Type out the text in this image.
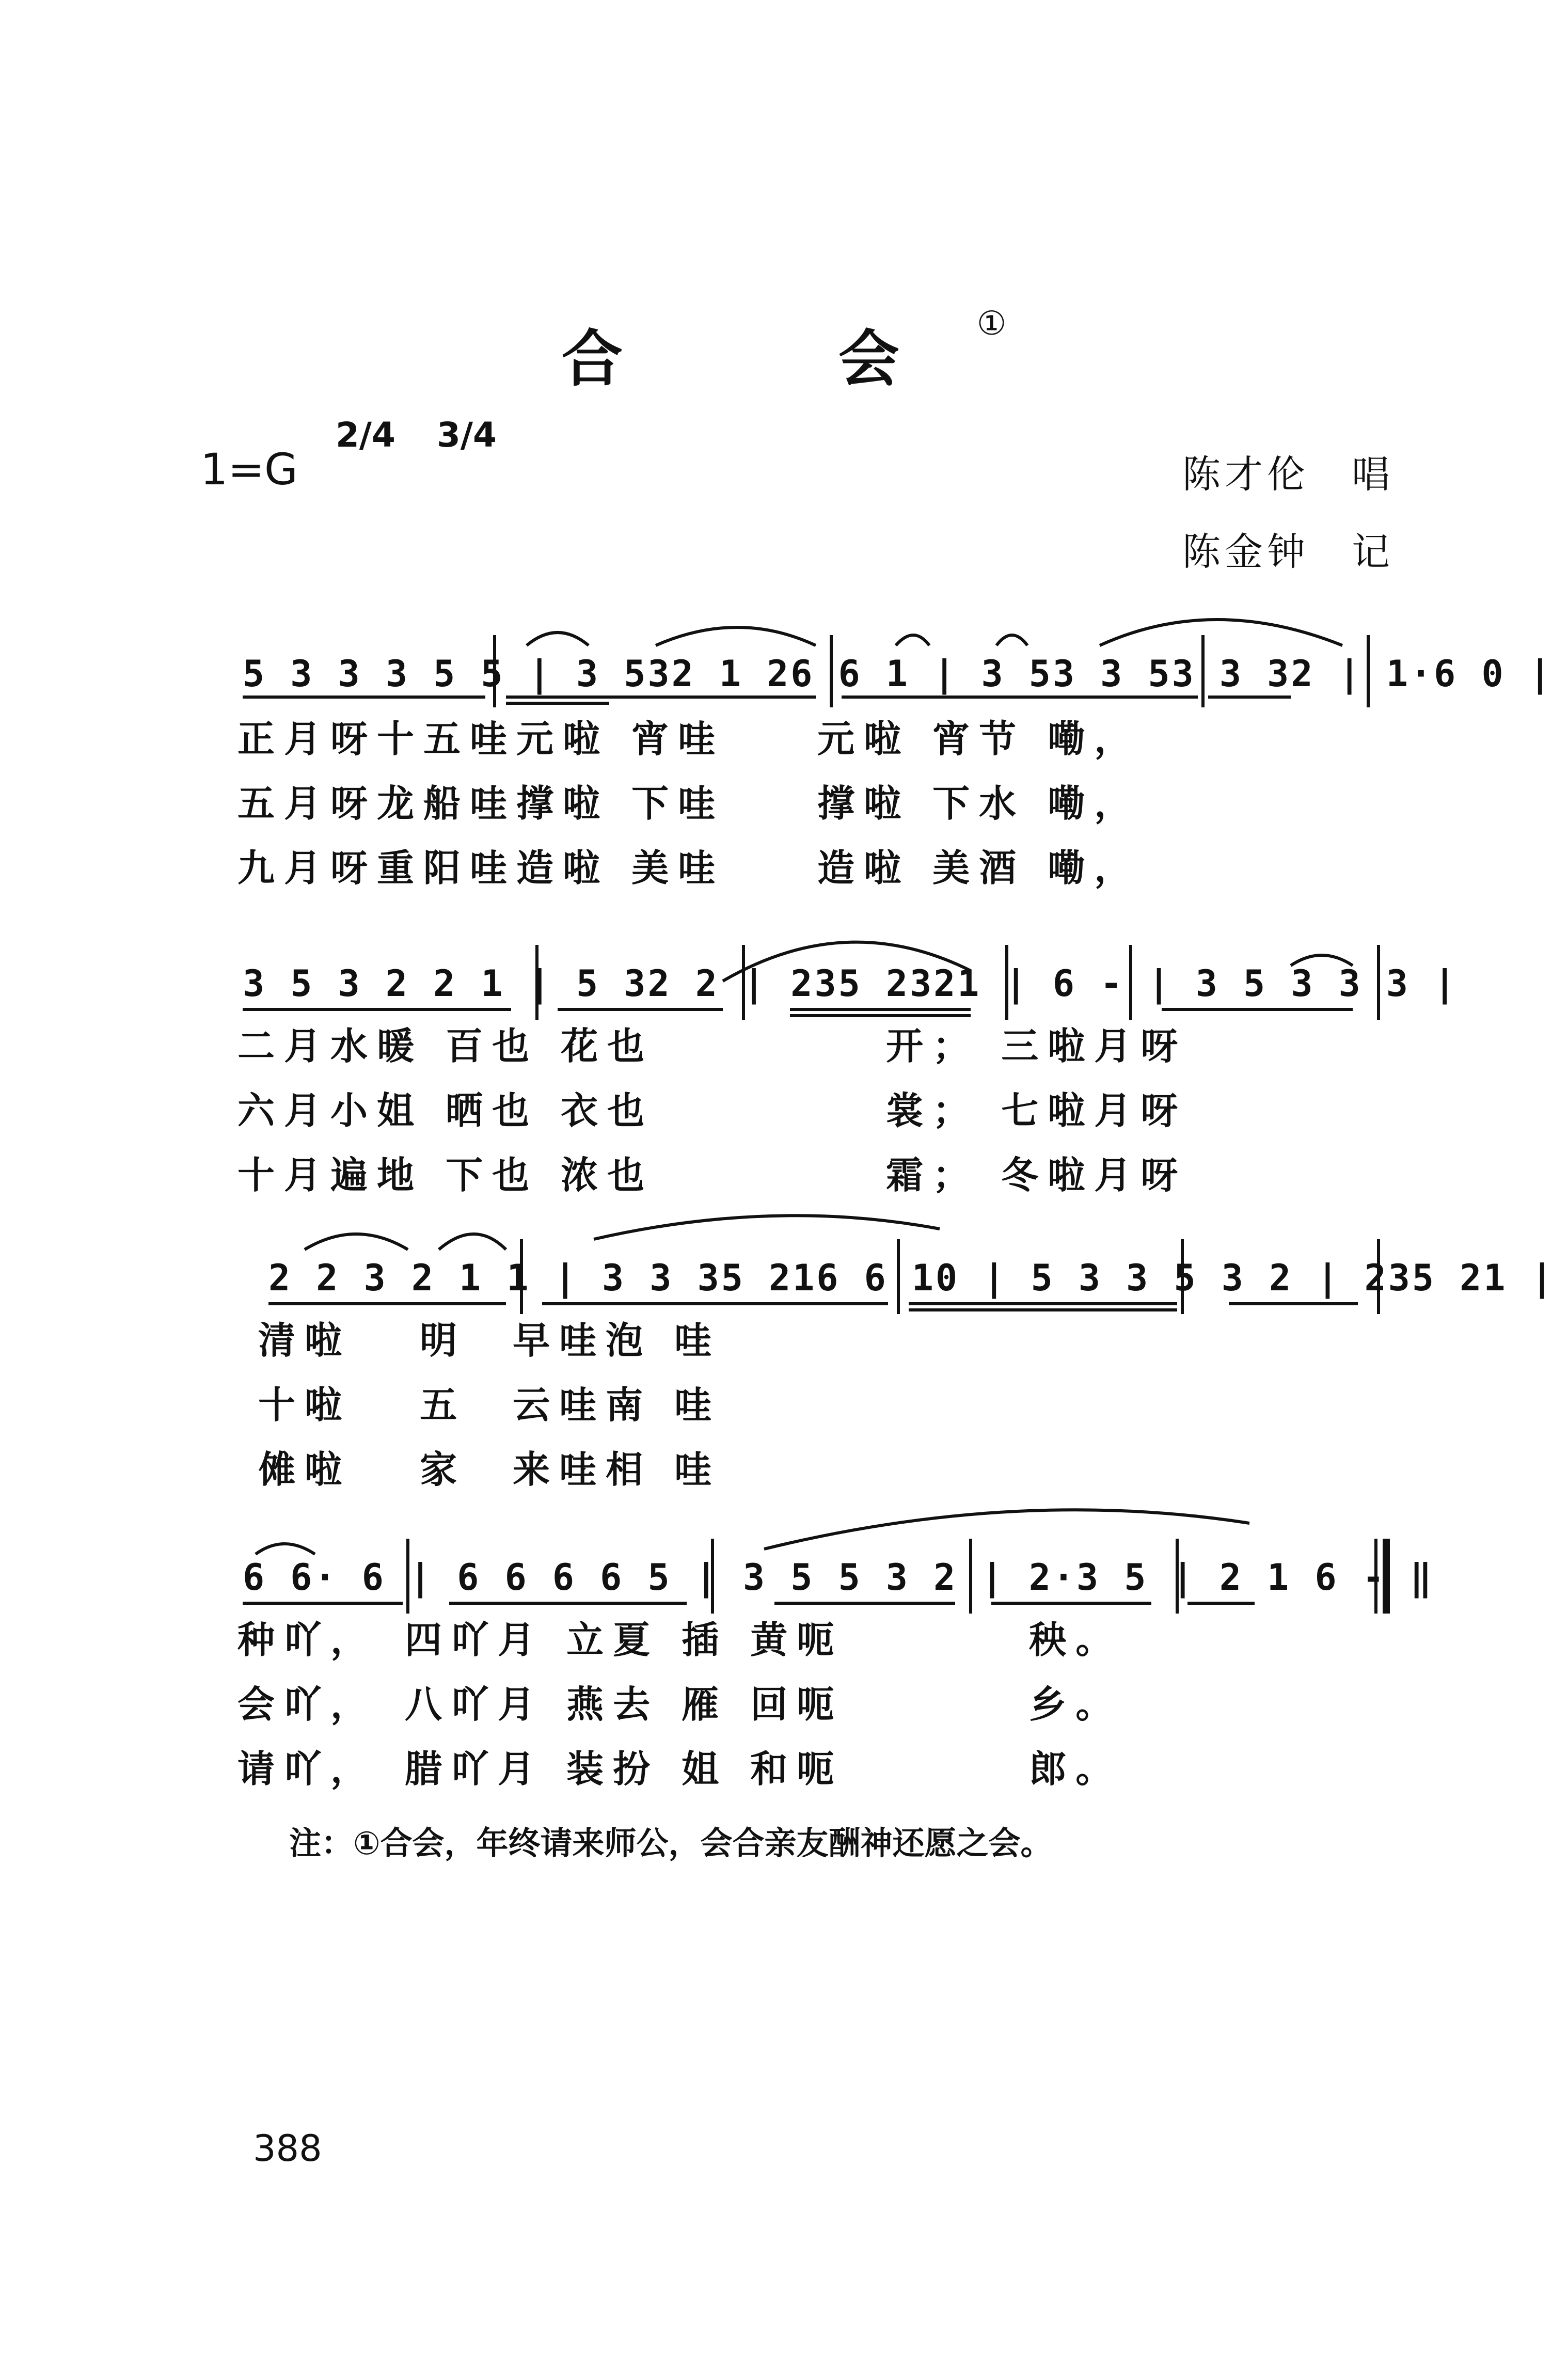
合　会①
1=G
2/4 3/4
陈才伦　唱
陈金钟　记
5 3 3 3 5 5 | 3 532 1 26 6 1 | 3 53 3 53 3 32 | 1·6 0 |
正月呀十五哇元啦 宵哇　　元啦 宵节 嘞，
五月呀龙船哇撑啦 下哇　　撑啦 下水 嘞，
九月呀重阳哇造啦 美哇　　造啦 美酒 嘞，
3 5 3 2 2 1 | 5 32 2 | 235 2321 | 6 - | 3 5 3 3 3 |
二月水暖 百也 花也　　　　　开； 三啦月呀
六月小姐 晒也 衣也　　　　　裳； 七啦月呀
十月遍地 下也 浓也　　　　　霜； 冬啦月呀
2 2 3 2 1 1 | 3 3 35 216 6 10 | 5 3 3 5 3 2 | 235 21 |
清啦　 明　早哇泡 哇
十啦　 五　云哇南 哇
傩啦　 家　来哇相 哇
6 6· 6 | 6 6 6 6 5 | 3 5 5 3 2 | 2·3 5 | 2 1 6 - ‖
种吖，　四吖月 立夏 插 黄呃　　　　秧。
会吖，　八吖月 燕去 雁 回呃　　　　乡。
请吖，　腊吖月 装扮 姐 和呃　　　　郎。
注：①合会，年终请来师公，会合亲友酬神还愿之会。
388
